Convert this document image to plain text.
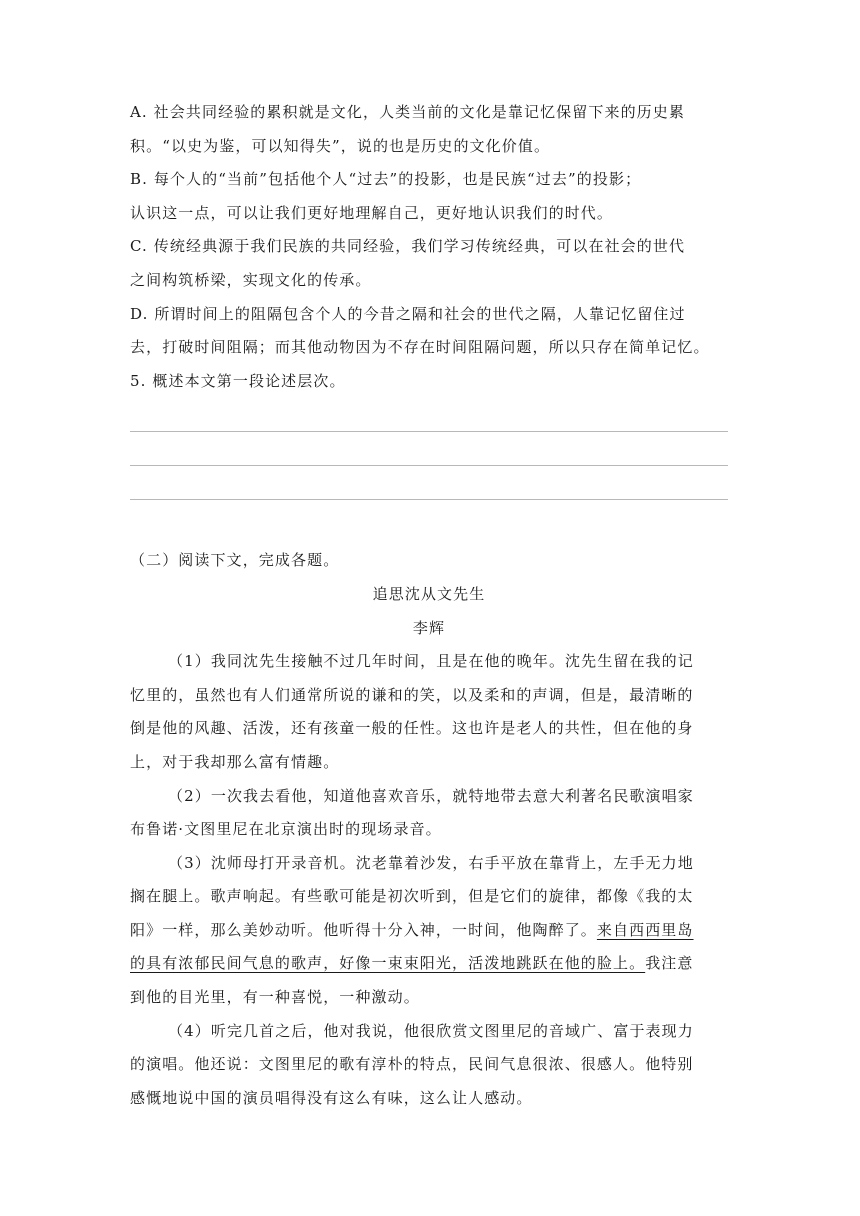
A. 社会共同经验的累积就是文化，人类当前的文化是靠记忆保留下来的历史累
积。“以史为鉴，可以知得失”，说的也是历史的文化价值。
B. 每个人的“当前”包括他个人“过去”的投影，也是民族“过去”的投影；
认识这一点，可以让我们更好地理解自己，更好地认识我们的时代。
C. 传统经典源于我们民族的共同经验，我们学习传统经典，可以在社会的世代
之间构筑桥梁，实现文化的传承。
D. 所谓时间上的阻隔包含个人的今昔之隔和社会的世代之隔，人靠记忆留住过
去，打破时间阻隔；而其他动物因为不存在时间阻隔问题，所以只存在简单记忆。
5. 概述本文第一段论述层次。
（二）阅读下文，完成各题。
追思沈从文先生
李辉
（1）我同沈先生接触不过几年时间，且是在他的晚年。沈先生留在我的记
忆里的，虽然也有人们通常所说的谦和的笑，以及柔和的声调，但是，最清晰的
倒是他的风趣、活泼，还有孩童一般的任性。这也许是老人的共性，但在他的身
上，对于我却那么富有情趣。
（2）一次我去看他，知道他喜欢音乐，就特地带去意大利著名民歌演唱家
布鲁诺·文图里尼在北京演出时的现场录音。
（3）沈师母打开录音机。沈老靠着沙发，右手平放在靠背上，左手无力地
搁在腿上。歌声响起。有些歌可能是初次听到，但是它们的旋律，都像《我的太
阳》一样，那么美妙动听。他听得十分入神，一时间，他陶醉了。来自西西里岛
的具有浓郁民间气息的歌声，好像一束束阳光，活泼地跳跃在他的脸上。我注意
到他的目光里，有一种喜悦，一种激动。
（4）听完几首之后，他对我说，他很欣赏文图里尼的音域广、富于表现力
的演唱。他还说：文图里尼的歌有淳朴的特点，民间气息很浓、很感人。他特别
感慨地说中国的演员唱得没有这么有味，这么让人感动。
